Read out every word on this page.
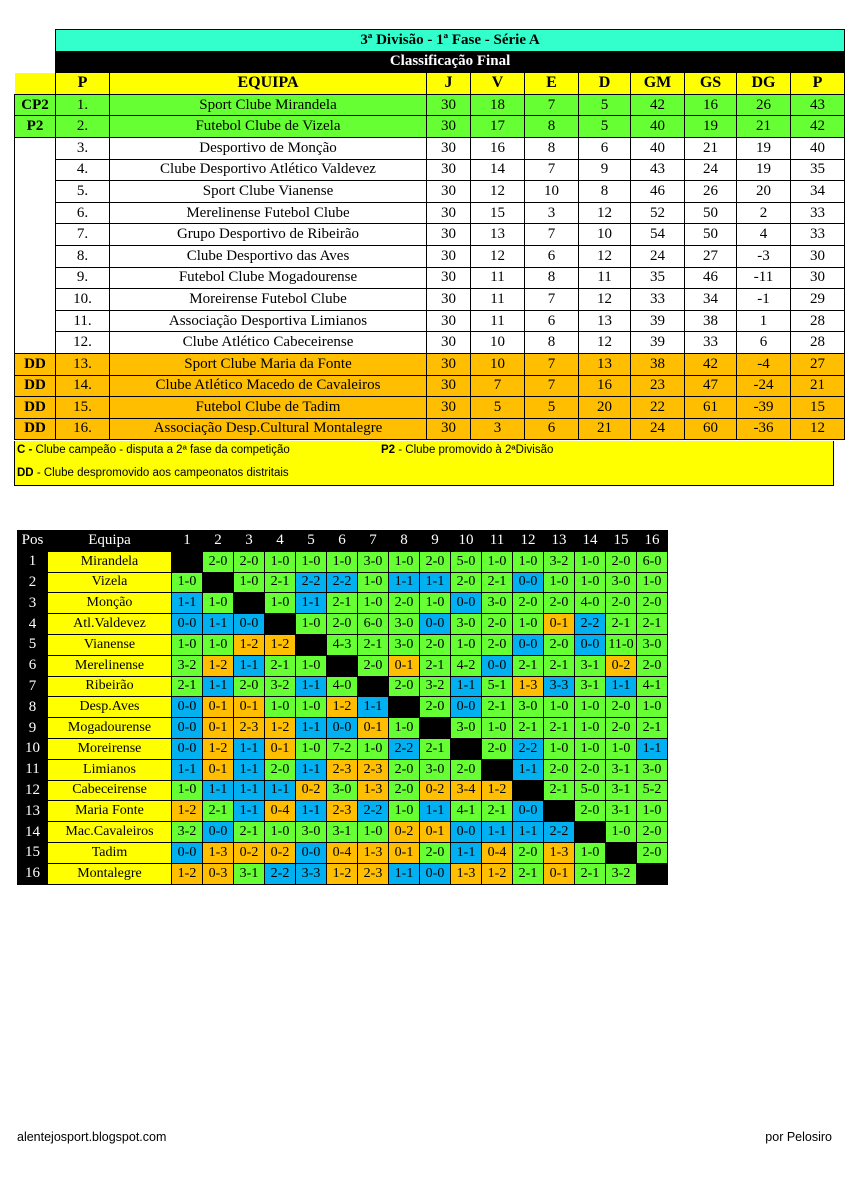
	3ª Divisão - 1ª Fase - Série A									
	Classificação Final									
	P	EQUIPA	J	V	E	D	GM	GS	DG	P
CP2	1.	Sport Clube Mirandela	30	18	7	5	42	16	26	43
P2	2.	Futebol Clube de Vizela	30	17	8	5	40	19	21	42
	3.	Desportivo de Monção	30	16	8	6	40	21	19	40
	4.	Clube Desportivo Atlético Valdevez	30	14	7	9	43	24	19	35
	5.	Sport Clube Vianense	30	12	10	8	46	26	20	34
	6.	Merelinense Futebol Clube	30	15	3	12	52	50	2	33
	7.	Grupo Desportivo de Ribeirão	30	13	7	10	54	50	4	33
	8.	Clube Desportivo das Aves	30	12	6	12	24	27	-3	30
	9.	Futebol Clube Mogadourense	30	11	8	11	35	46	-11	30
	10.	Moreirense Futebol Clube	30	11	7	12	33	34	-1	29
	11.	Associação Desportiva Limianos	30	11	6	13	39	38	1	28
	12.	Clube Atlético Cabeceirense	30	10	8	12	39	33	6	28
DD	13.	Sport Clube Maria da Fonte	30	10	7	13	38	42	-4	27
DD	14.	Clube Atlético Macedo de Cavaleiros	30	7	7	16	23	47	-24	21
DD	15.	Futebol Clube de Tadim	30	5	5	20	22	61	-39	15
DD	16.	Associação Desp.Cultural Montalegre	30	3	6	21	24	60	-36	12
C - Clube campeão - disputa a 2ª fase da competição	P2 - Clube promovido à 2ªDivisão
DD - Clube despromovido aos campeonatos distritais
Pos	Equipa	1	2	3	4	5	6	7	8	9	10	11	12	13	14	15	16
1	Mirandela		2-0	2-0	1-0	1-0	1-0	3-0	1-0	2-0	5-0	1-0	1-0	3-2	1-0	2-0	6-0
2	Vizela	1-0		1-0	2-1	2-2	2-2	1-0	1-1	1-1	2-0	2-1	0-0	1-0	1-0	3-0	1-0
3	Monção	1-1	1-0		1-0	1-1	2-1	1-0	2-0	1-0	0-0	3-0	2-0	2-0	4-0	2-0	2-0
4	Atl.Valdevez	0-0	1-1	0-0		1-0	2-0	6-0	3-0	0-0	3-0	2-0	1-0	0-1	2-2	2-1	2-1
5	Vianense	1-0	1-0	1-2	1-2		4-3	2-1	3-0	2-0	1-0	2-0	0-0	2-0	0-0	11-0	3-0
6	Merelinense	3-2	1-2	1-1	2-1	1-0		2-0	0-1	2-1	4-2	0-0	2-1	2-1	3-1	0-2	2-0
7	Ribeirão	2-1	1-1	2-0	3-2	1-1	4-0		2-0	3-2	1-1	5-1	1-3	3-3	3-1	1-1	4-1
8	Desp.Aves	0-0	0-1	0-1	1-0	1-0	1-2	1-1		2-0	0-0	2-1	3-0	1-0	1-0	2-0	1-0
9	Mogadourense	0-0	0-1	2-3	1-2	1-1	0-0	0-1	1-0		3-0	1-0	2-1	2-1	1-0	2-0	2-1
10	Moreirense	0-0	1-2	1-1	0-1	1-0	7-2	1-0	2-2	2-1		2-0	2-2	1-0	1-0	1-0	1-1
11	Limianos	1-1	0-1	1-1	2-0	1-1	2-3	2-3	2-0	3-0	2-0		1-1	2-0	2-0	3-1	3-0
12	Cabeceirense	1-0	1-1	1-1	1-1	0-2	3-0	1-3	2-0	0-2	3-4	1-2		2-1	5-0	3-1	5-2
13	Maria Fonte	1-2	2-1	1-1	0-4	1-1	2-3	2-2	1-0	1-1	4-1	2-1	0-0		2-0	3-1	1-0
14	Mac.Cavaleiros	3-2	0-0	2-1	1-0	3-0	3-1	1-0	0-2	0-1	0-0	1-1	1-1	2-2		1-0	2-0
15	Tadim	0-0	1-3	0-2	0-2	0-0	0-4	1-3	0-1	2-0	1-1	0-4	2-0	1-3	1-0		2-0
16	Montalegre	1-2	0-3	3-1	2-2	3-3	1-2	2-3	1-1	0-0	1-3	1-2	2-1	0-1	2-1	3-2	
alentejosport.blogspot.com	por Pelosiro
